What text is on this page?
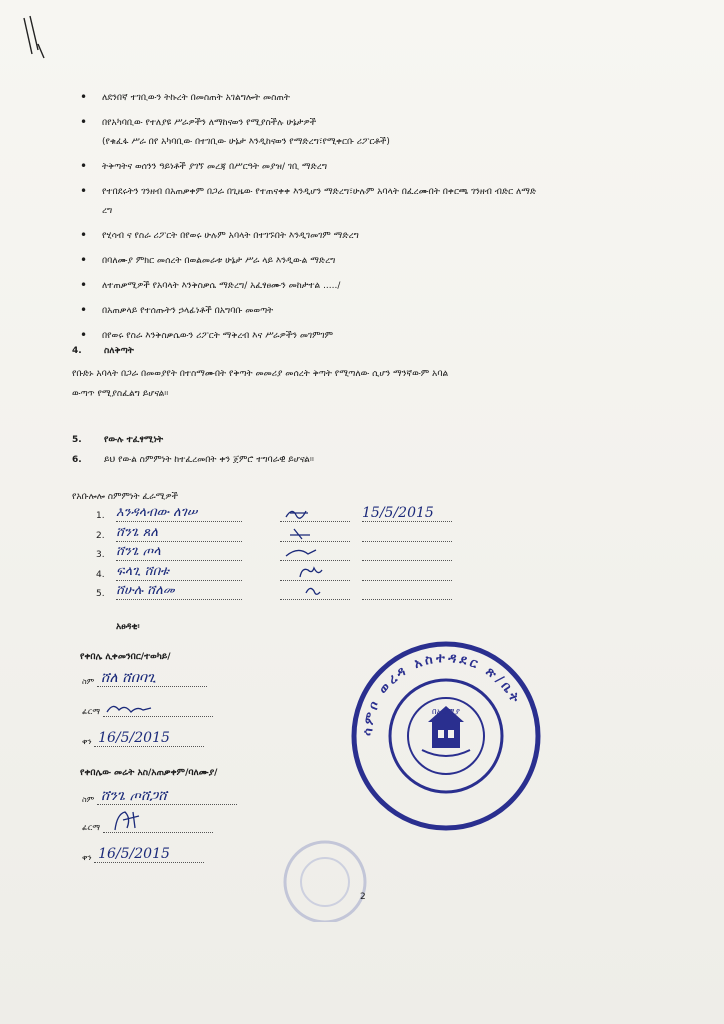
• ለደንበኛ ተገቢውን ትኩረት በመስጠት አገልግሎት መስጠት
• በየአካባቢው የተለያዩ ሥራዎችን ለማከናወን የሚያስችሉ ሁኔታዎች
(የቁፈፋ ሥራ በየ አካባቢው በተገቢው ሁኔታ እንዲከናወን የማድረግ፣የሚቀርቡ ሪፖርቶች)
• ትቅጣትና ወሰንን ዓይነቶች ያገኘ መረጃ በሥርዓት መያዝ/ ገቢ ማድረግ
• የተበደሩትን ገንዘብ በአጠቃቀም በጋራ በጊዜው የተጠናቀቀ እንዲሆን ማድረግ፣ሁሉም አባላት በፈረሙበት በቀርጫ ገንዘብ ብድር ለማድ
ረግ
• የሂሳብ ና የስራ ሪፖርት በየወሩ ሁሉም አባላት በተገኙበት እንዲገመገም ማድረግ
• በባለሙያ ምክር መሰረት በወልመራቱ ሁኔታ ሥራ ላይ እንዲውል ማድረግ
• ለተጠቃሚዎች የአባላት እንቅስቃሴ ማድረግ/ አፈፃፀሙን መከታተል ...../
• በአጠቃላይ የተሰጡትን ኃላፊነቶች በአግባቡ መወጣት
• በየወሩ የስራ እንቅስቃሴውን ሪፖርት ማቅረብ እና ሥራዎችን መገምገም
4. ስለቅጣት
የቡድኑ አባላት በጋራ በመወያየት በተስማሙበት የቅጣት መመሪያ መሰረት ቅጣት የሚጣለው ሲሆን ማንኛውም አባል
ውጣጥ የሚያስፈልግ ይሆናል።
5. የውሉ ተፈፃሚነት
6. ይህ የውል ስምምነት ከተፈረመበት ቀን ጀምሮ ተግባራዊ ይሆናል።
የአቡሎሎ ስምምነት ፈራሚዎች
1. እንዳላብው ለገሠ	15/5/2015
2. ሸንጌ ጸለ
3. ሸንጌ ጦላ
4. ፍላጊ ሸበቱ
5. ሸሁሉ ሸለመ
አፀዳቂ፡
የቀበሌ ሊቀመንበር/ተወካይ/
ስም ሸለ ሸበባጊ
ፊርማ
ቀን 16/5/2015
የቀበሌው መሬት አስ/አጠቃቀም/ባለሙያ/
ስም ሸንጌ ጦሸጋሸ
ፊርማ
ቀን 16/5/2015
ሳምቦ ወረዳ አስተዳደር ጽ/ቤት
በኦሮሚያ
2
